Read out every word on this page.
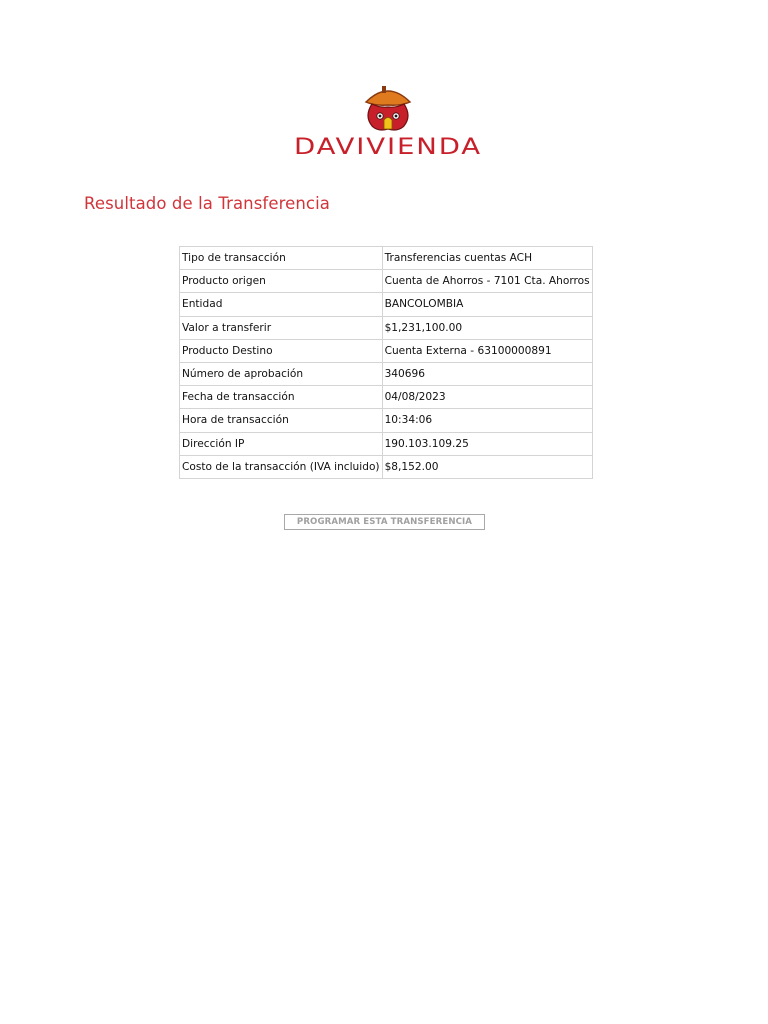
DAVIVIENDA
Resultado de la Transferencia
Tipo de transacción	Transferencias cuentas ACH
Producto origen	Cuenta de Ahorros - 7101 Cta. Ahorros
Entidad	BANCOLOMBIA
Valor a transferir	$1,231,100.00
Producto Destino	Cuenta Externa - 63100000891
Número de aprobación	340696
Fecha de transacción	04/08/2023
Hora de transacción	10:34:06
Dirección IP	190.103.109.25
Costo de la transacción (IVA incluido)	$8,152.00
PROGRAMAR ESTA TRANSFERENCIA
